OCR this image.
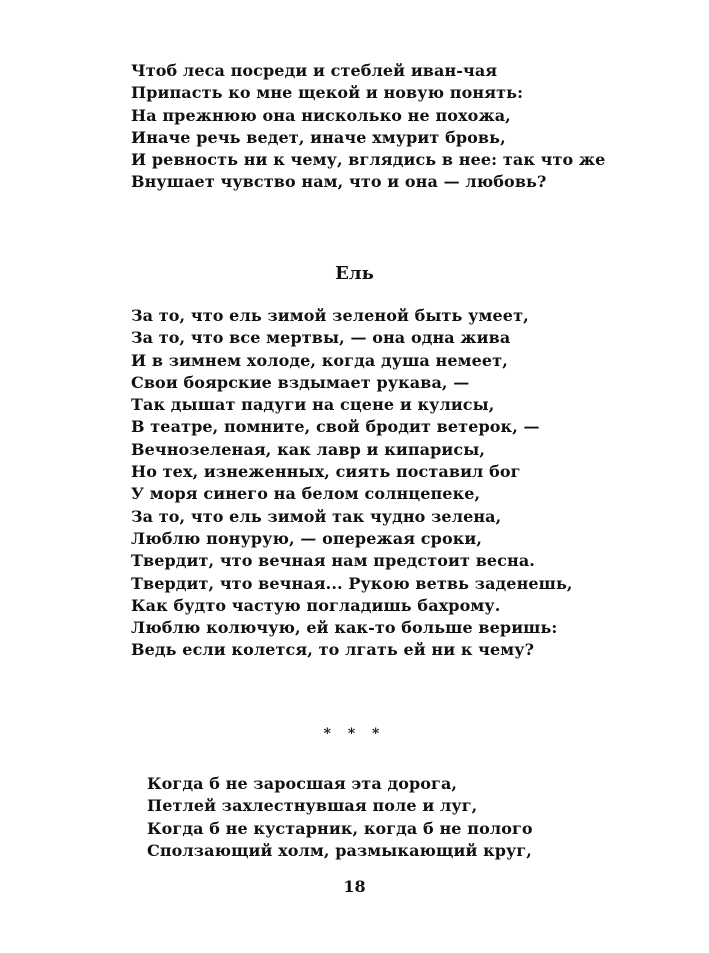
Чтоб леса посреди и стеблей иван-чая
Припасть ко мне щекой и новую понять:
На прежнюю она нисколько не похожа,
Иначе речь ведет, иначе хмурит бровь,
И ревность ни к чему, вглядись в нее: так что же
Внушает чувство нам, что и она — любовь?
Ель
За то, что ель зимой зеленой быть умеет,
За то, что все мертвы, — она одна жива
И в зимнем холоде, когда душа немеет,
Свои боярские вздымает рукава, —
Так дышат падуги на сцене и кулисы,
В театре, помните, свой бродит ветерок, —
Вечнозеленая, как лавр и кипарисы,
Но тех, изнеженных, сиять поставил бог
У моря синего на белом солнцепеке,
За то, что ель зимой так чудно зелена,
Люблю понурую, — опережая сроки,
Твердит, что вечная нам предстоит весна.
Твердит, что вечная... Рукою ветвь заденешь,
Как будто частую погладишь бахрому.
Люблю колючую, ей как-то больше веришь:
Ведь если колется, то лгать ей ни к чему?
* * *
Когда б не заросшая эта дорога,
Петлей захлестнувшая поле и луг,
Когда б не кустарник, когда б не полого
Сползающий холм, размыкающий круг,
18
